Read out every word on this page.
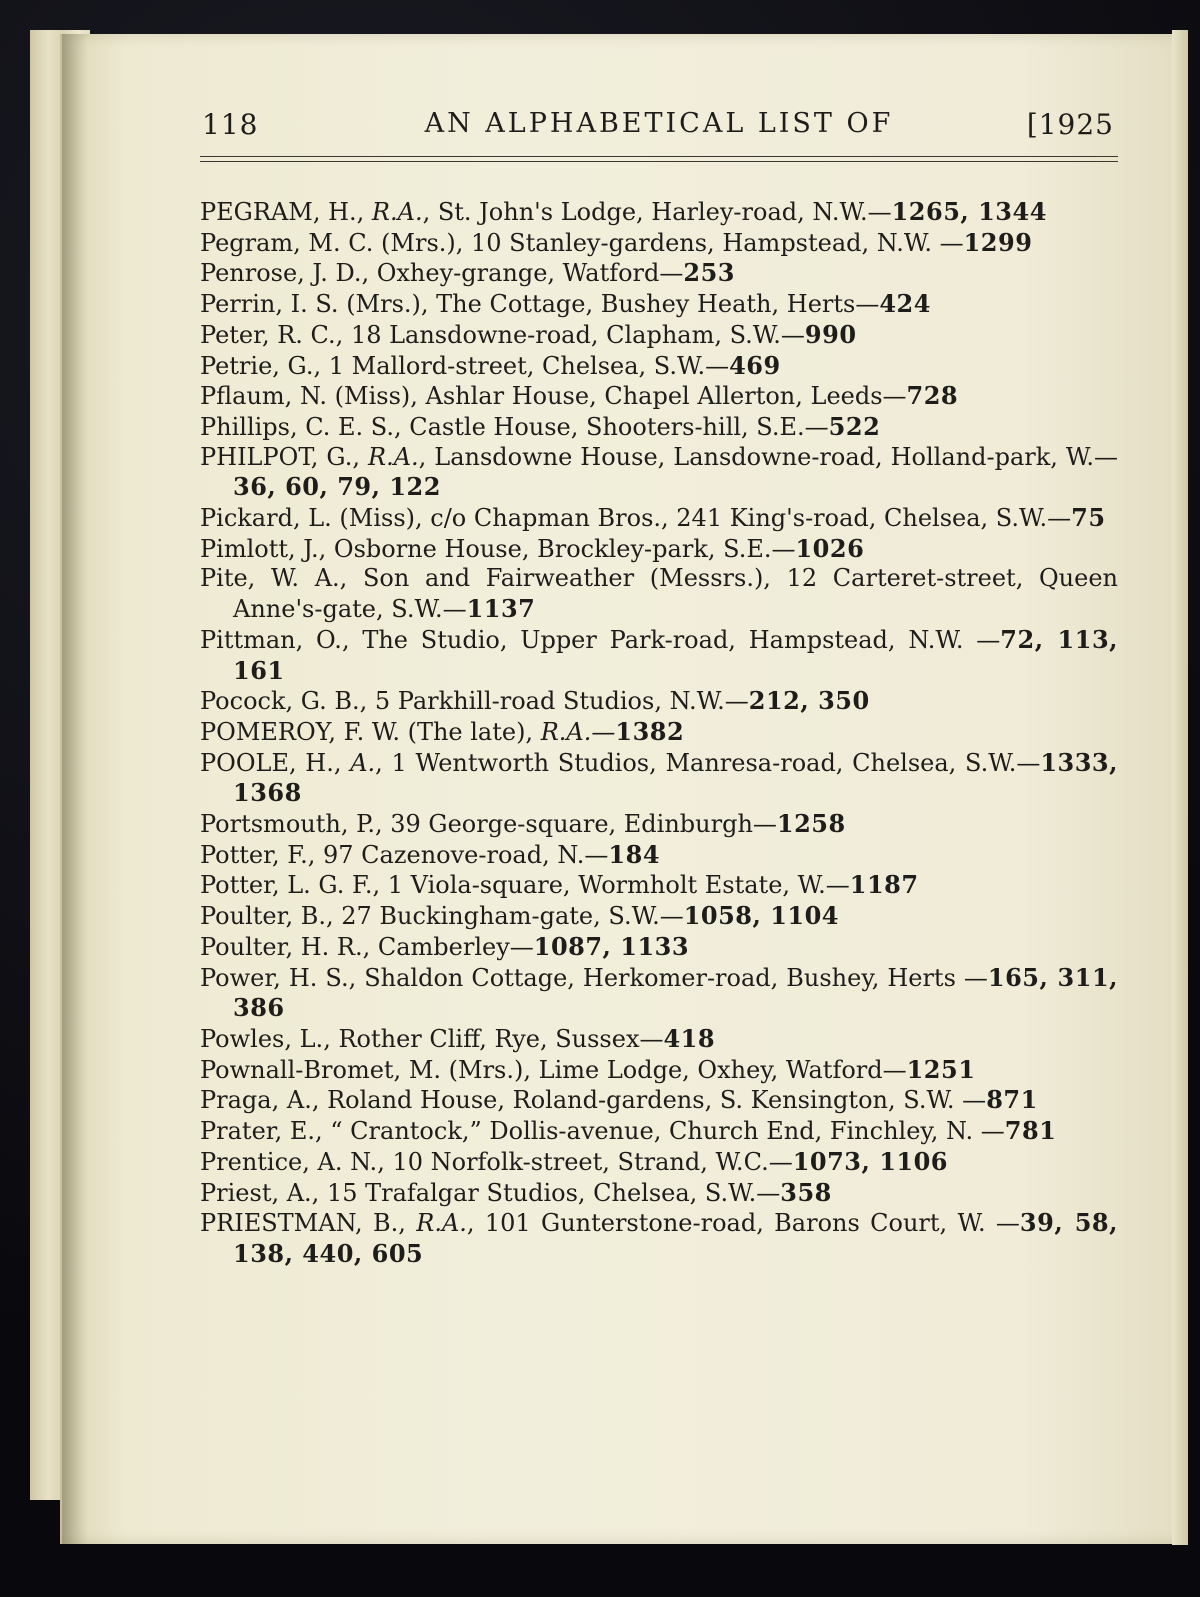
118	AN ALPHABETICAL LIST OF	[1925
PEGRAM, H., R.A., St. John's Lodge, Harley-road, N.W.—1265, 1344
Pegram, M. C. (Mrs.), 10 Stanley-gardens, Hampstead, N.W. —1299
Penrose, J. D., Oxhey-grange, Watford—253
Perrin, I. S. (Mrs.), The Cottage, Bushey Heath, Herts—424
Peter, R. C., 18 Lansdowne-road, Clapham, S.W.—990
Petrie, G., 1 Mallord-street, Chelsea, S.W.—469
Pflaum, N. (Miss), Ashlar House, Chapel Allerton, Leeds—728
Phillips, C. E. S., Castle House, Shooters-hill, S.E.—522
PHILPOT, G., R.A., Lansdowne House, Lansdowne-road, Holland-park, W.—36, 60, 79, 122
Pickard, L. (Miss), c/o Chapman Bros., 241 King's-road, Chelsea, S.W.—75
Pimlott, J., Osborne House, Brockley-park, S.E.—1026
Pite, W. A., Son and Fairweather (Messrs.), 12 Carteret-street, Queen Anne's-gate, S.W.—1137
Pittman, O., The Studio, Upper Park-road, Hampstead, N.W. —72, 113, 161
Pocock, G. B., 5 Parkhill-road Studios, N.W.—212, 350
POMEROY, F. W. (The late), R.A.—1382
POOLE, H., A., 1 Wentworth Studios, Manresa-road, Chelsea, S.W.—1333, 1368
Portsmouth, P., 39 George-square, Edinburgh—1258
Potter, F., 97 Cazenove-road, N.—184
Potter, L. G. F., 1 Viola-square, Wormholt Estate, W.—1187
Poulter, B., 27 Buckingham-gate, S.W.—1058, 1104
Poulter, H. R., Camberley—1087, 1133
Power, H. S., Shaldon Cottage, Herkomer-road, Bushey, Herts —165, 311, 386
Powles, L., Rother Cliff, Rye, Sussex—418
Pownall-Bromet, M. (Mrs.), Lime Lodge, Oxhey, Watford—1251
Praga, A., Roland House, Roland-gardens, S. Kensington, S.W. —871
Prater, E., “ Crantock,” Dollis-avenue, Church End, Finchley, N. —781
Prentice, A. N., 10 Norfolk-street, Strand, W.C.—1073, 1106
Priest, A., 15 Trafalgar Studios, Chelsea, S.W.—358
PRIESTMAN, B., R.A., 101 Gunterstone-road, Barons Court, W. —39, 58, 138, 440, 605
